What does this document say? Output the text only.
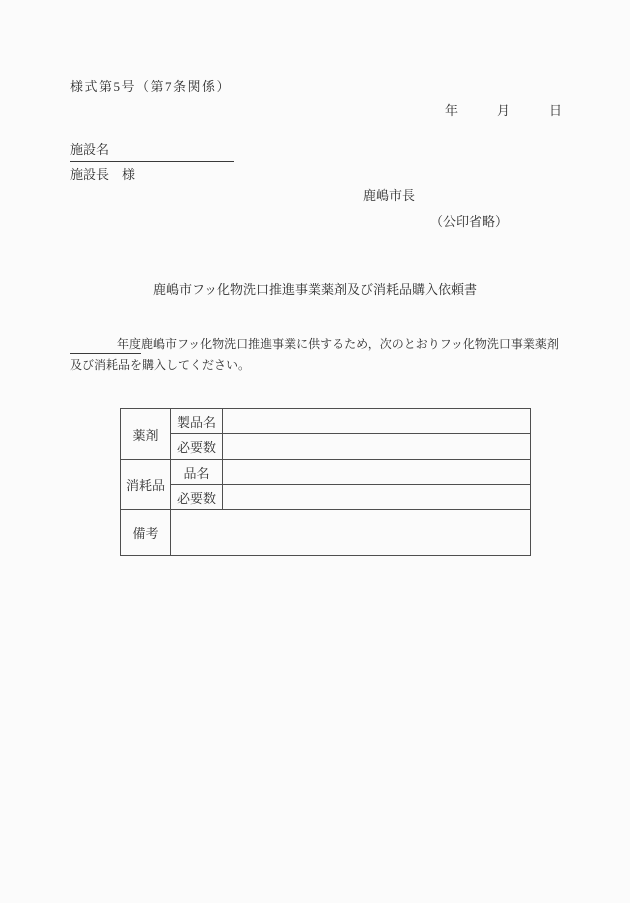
様式第5号（第7条関係）
年　　　月　　　日
施設名
施設長　様
鹿嶋市長
（公印省略）
鹿嶋市フッ化物洗口推進事業薬剤及び消耗品購入依頼書
年度鹿嶋市フッ化物洗口推進事業に供するため，次のとおりフッ化物洗口事業薬剤
及び消耗品を購入してください。
薬剤	製品名	
	必要数	
消耗品	品名	
	必要数	
備考		
